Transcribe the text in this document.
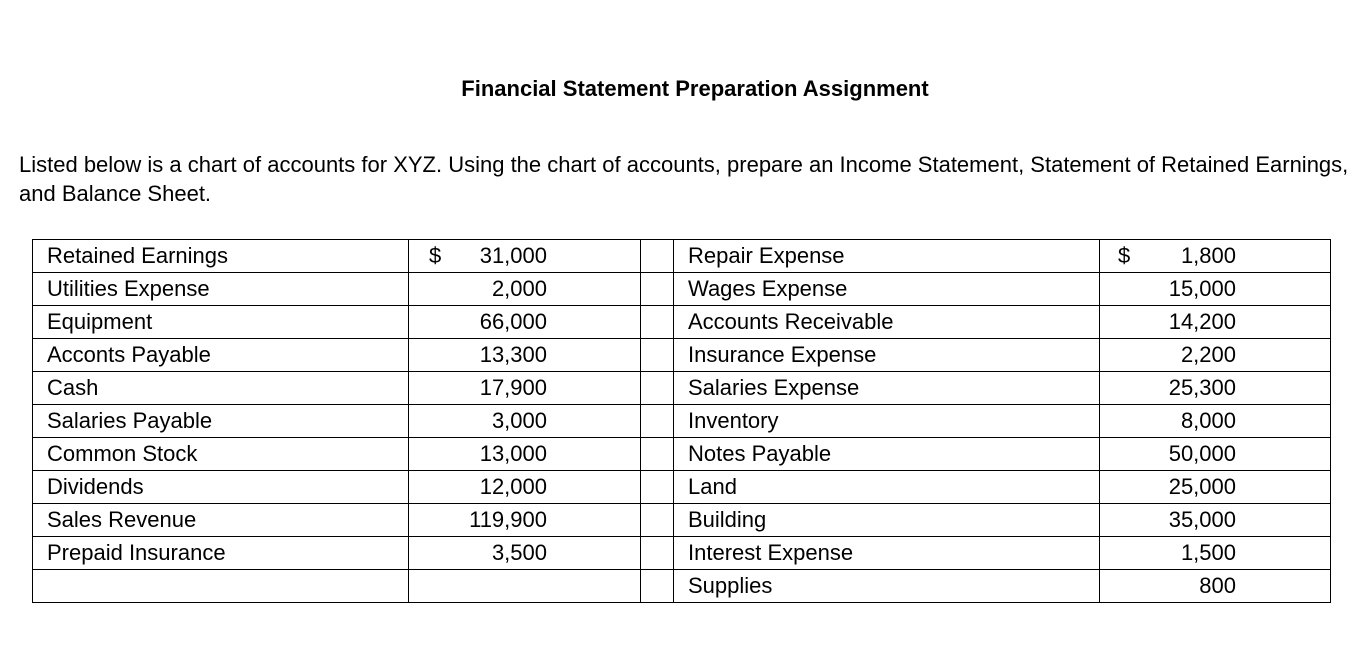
Financial Statement Preparation Assignment
Listed below is a chart of accounts for XYZ. Using the chart of accounts, prepare an Income Statement, Statement of Retained Earnings, and Balance Sheet.
Retained Earnings	$ 31,000		Repair Expense	$ 1,800
Utilities Expense	2,000		Wages Expense	15,000
Equipment	66,000		Accounts Receivable	14,200
Acconts Payable	13,300		Insurance Expense	2,200
Cash	17,900		Salaries Expense	25,300
Salaries Payable	3,000		Inventory	8,000
Common Stock	13,000		Notes Payable	50,000
Dividends	12,000		Land	25,000
Sales Revenue	119,900		Building	35,000
Prepaid Insurance	3,500		Interest Expense	1,500
			Supplies	800
